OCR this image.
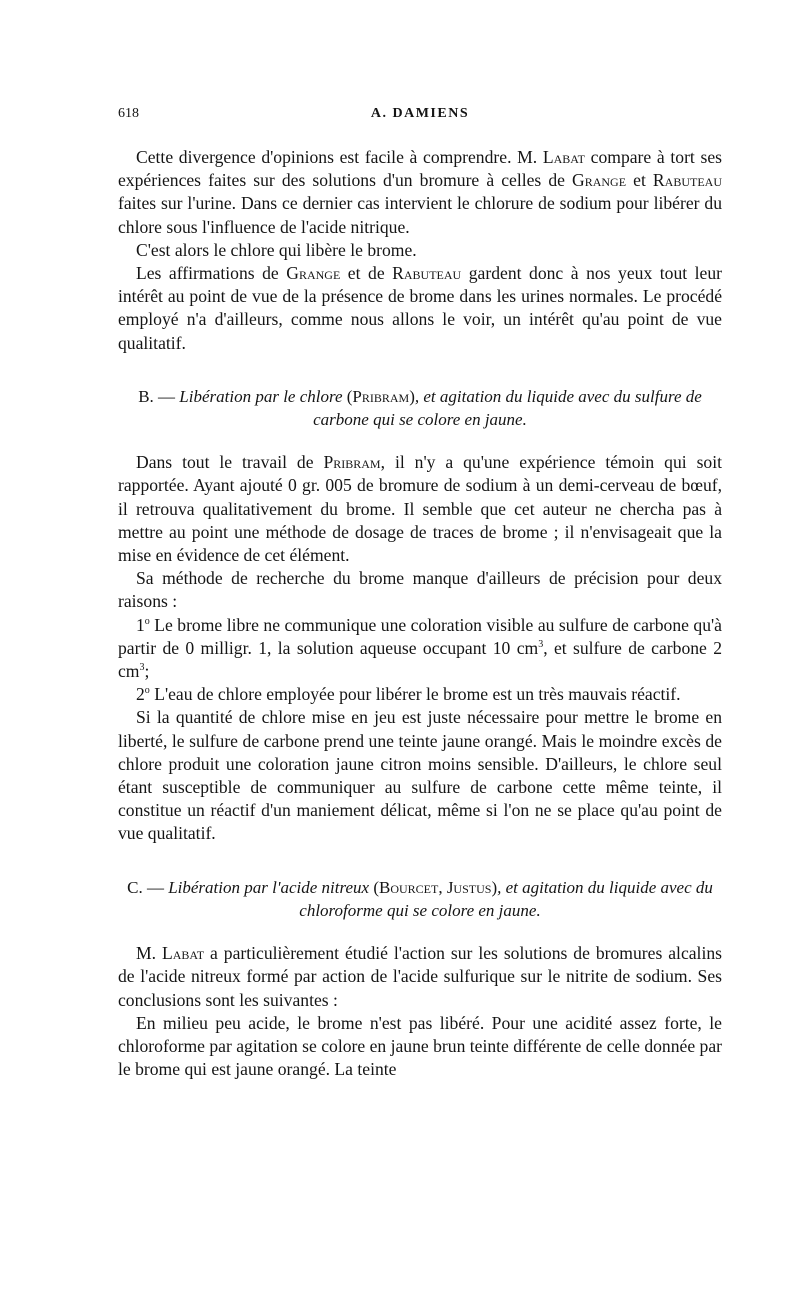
618	A. DAMIENS

Cette divergence d'opinions est facile à comprendre. M. Labat compare à tort ses expériences faites sur des solutions d'un bromure à celles de Grange et Rabuteau faites sur l'urine. Dans ce dernier cas intervient le chlorure de sodium pour libérer du chlore sous l'influence de l'acide nitrique.

C'est alors le chlore qui libère le brome.

Les affirmations de Grange et de Rabuteau gardent donc à nos yeux tout leur intérêt au point de vue de la présence de brome dans les urines normales. Le procédé employé n'a d'ailleurs, comme nous allons le voir, un intérêt qu'au point de vue qualitatif.

B. — Libération par le chlore (Pribram), et agitation du liquide avec du sulfure de carbone qui se colore en jaune.

Dans tout le travail de Pribram, il n'y a qu'une expérience témoin qui soit rapportée. Ayant ajouté 0 gr. 005 de bromure de sodium à un demi-cerveau de bœuf, il retrouva qualitativement du brome. Il semble que cet auteur ne chercha pas à mettre au point une méthode de dosage de traces de brome ; il n'envisageait que la mise en évidence de cet élément.

Sa méthode de recherche du brome manque d'ailleurs de précision pour deux raisons :

1$^o$ Le brome libre ne communique une coloration visible au sulfure de carbone qu'à partir de 0 milligr. 1, la solution aqueuse occupant 10 $cm^3$, et sulfure de carbone 2 $cm^3$;

2$^o$ L'eau de chlore employée pour libérer le brome est un très mauvais réactif.

Si la quantité de chlore mise en jeu est juste nécessaire pour mettre le brome en liberté, le sulfure de carbone prend une teinte jaune orangé. Mais le moindre excès de chlore produit une coloration jaune citron moins sensible. D'ailleurs, le chlore seul étant susceptible de communiquer au sulfure de carbone cette même teinte, il constitue un réactif d'un maniement délicat, même si l'on ne se place qu'au point de vue qualitatif.

C. — Libération par l'acide nitreux (Bourcet, Justus), et agitation du liquide avec du chloroforme qui se colore en jaune.

M. Labat a particulièrement étudié l'action sur les solutions de bromures alcalins de l'acide nitreux formé par action de l'acide sulfurique sur le nitrite de sodium. Ses conclusions sont les suivantes :

En milieu peu acide, le brome n'est pas libéré. Pour une acidité assez forte, le chloroforme par agitation se colore en jaune brun teinte différente de celle donnée par le brome qui est jaune orangé. La teinte
